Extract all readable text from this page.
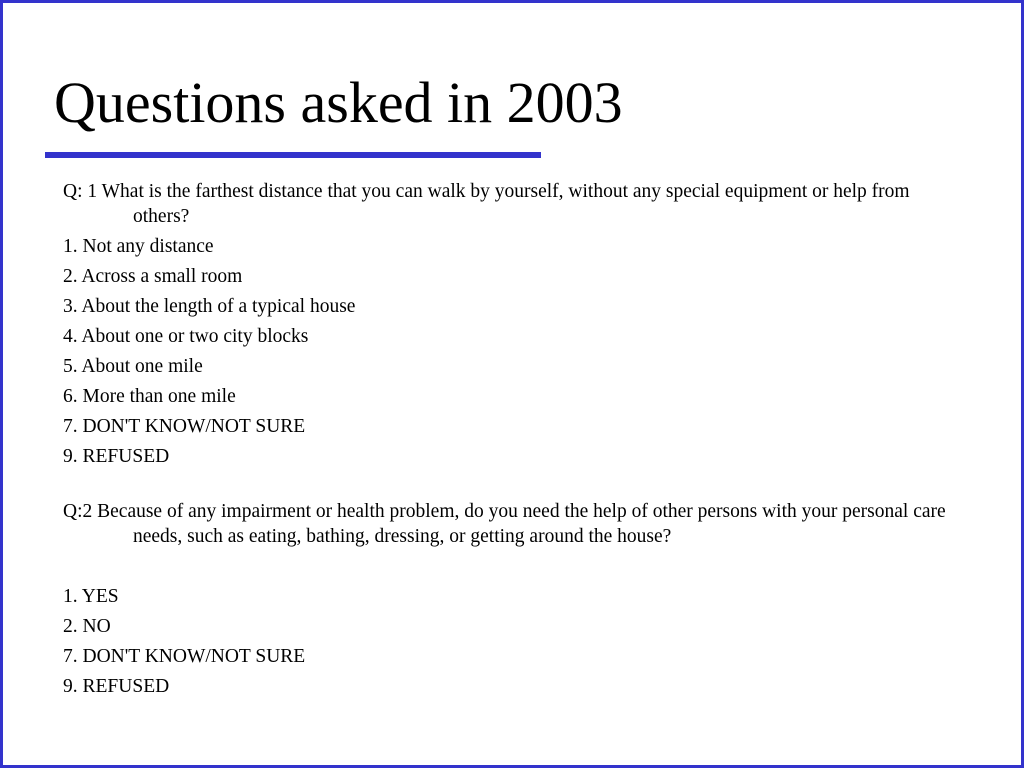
Questions asked in 2003
Q: 1 What is the farthest distance that you can walk by yourself, without any special equipment or help from others?
1. Not any distance
2. Across a small room
3. About the length of a typical house
4. About one or two city blocks
5. About one mile
6. More than one mile
7. DON'T KNOW/NOT SURE
9. REFUSED
Q:2 Because of any impairment or health problem, do you need the help of other persons with your personal care needs, such as eating, bathing, dressing, or getting around the house?
1. YES
2. NO
7. DON'T KNOW/NOT SURE
9. REFUSED
